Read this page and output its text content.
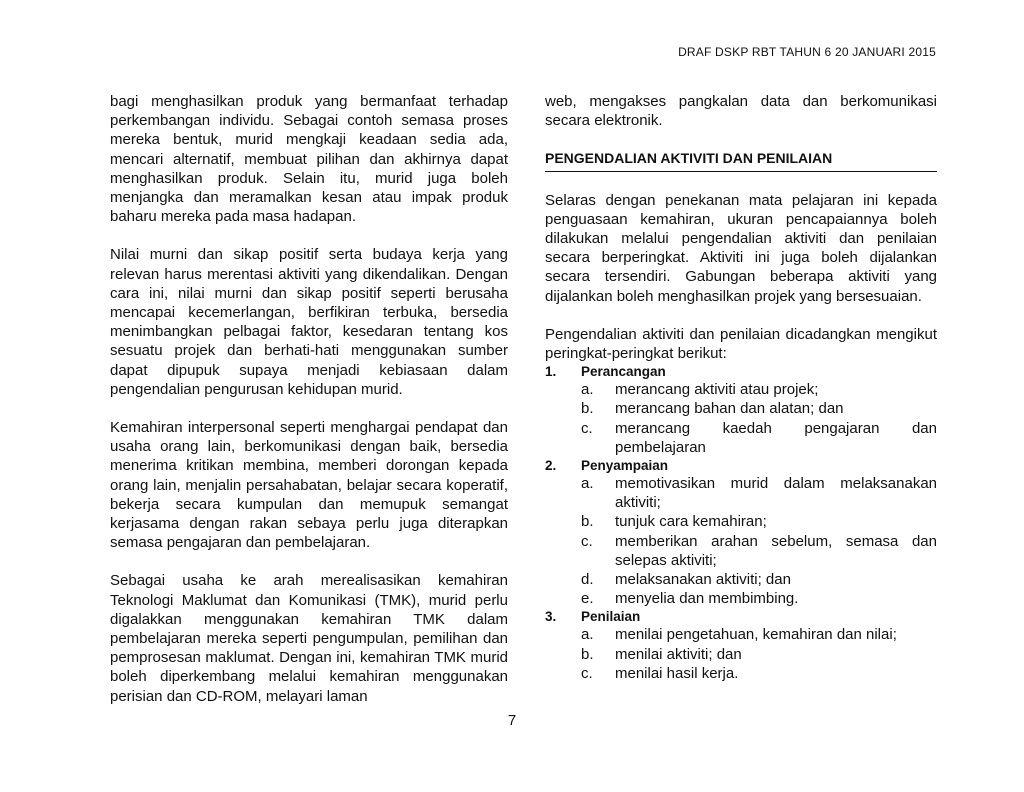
DRAF DSKP RBT TAHUN 6 20 JANUARI 2015

bagi menghasilkan produk yang bermanfaat terhadap perkembangan individu. Sebagai contoh semasa proses mereka bentuk, murid mengkaji keadaan sedia ada, mencari alternatif, membuat pilihan dan akhirnya dapat menghasilkan produk. Selain itu, murid juga boleh menjangka dan meramalkan kesan atau impak produk baharu mereka pada masa hadapan.

Nilai murni dan sikap positif serta budaya kerja yang relevan harus merentasi aktiviti yang dikendalikan. Dengan cara ini, nilai murni dan sikap positif seperti berusaha mencapai kecemerlangan, berfikiran terbuka, bersedia menimbangkan pelbagai faktor, kesedaran tentang kos sesuatu projek dan berhati-hati menggunakan sumber dapat dipupuk supaya menjadi kebiasaan dalam pengendalian pengurusan kehidupan murid.

Kemahiran interpersonal seperti menghargai pendapat dan usaha orang lain, berkomunikasi dengan baik, bersedia menerima kritikan membina, memberi dorongan kepada orang lain, menjalin persahabatan, belajar secara koperatif, bekerja secara kumpulan dan memupuk semangat kerjasama dengan rakan sebaya perlu juga diterapkan semasa pengajaran dan pembelajaran.

Sebagai usaha ke arah merealisasikan kemahiran Teknologi Maklumat dan Komunikasi (TMK), murid perlu digalakkan menggunakan kemahiran TMK dalam pembelajaran mereka seperti pengumpulan, pemilihan dan pemprosesan maklumat. Dengan ini, kemahiran TMK murid boleh diperkembang melalui kemahiran menggunakan perisian dan CD-ROM, melayari laman

web, mengakses pangkalan data dan berkomunikasi secara elektronik.

PENGENDALIAN AKTIVITI DAN PENILAIAN

Selaras dengan penekanan mata pelajaran ini kepada penguasaan kemahiran, ukuran pencapaiannya boleh dilakukan melalui pengendalian aktiviti dan penilaian secara berperingkat. Aktiviti ini juga boleh dijalankan secara tersendiri. Gabungan beberapa aktiviti yang dijalankan boleh menghasilkan projek yang bersesuaian.

Pengendalian aktiviti dan penilaian dicadangkan mengikut peringkat-peringkat berikut:

1.	Perancangan
a.	merancang aktiviti atau projek;
b.	merancang bahan dan alatan; dan
c.	merancang kaedah pengajaran dan pembelajaran
2.	Penyampaian
a.	memotivasikan murid dalam melaksanakan aktiviti;
b.	tunjuk cara kemahiran;
c.	memberikan arahan sebelum, semasa dan selepas aktiviti;
d.	melaksanakan aktiviti; dan
e.	menyelia dan membimbing.
3.	Penilaian
a.	menilai pengetahuan, kemahiran dan nilai;
b.	menilai aktiviti; dan
c.	menilai hasil kerja.
7
